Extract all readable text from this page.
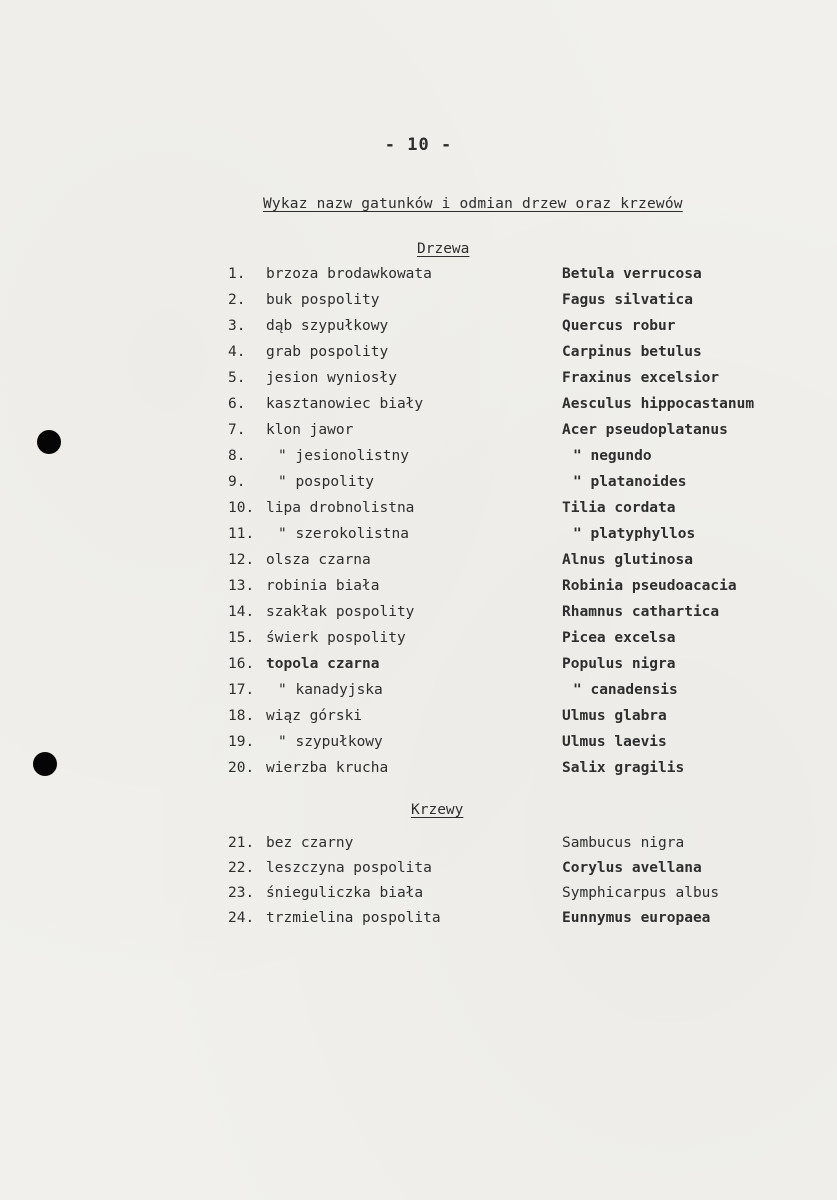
- 10 -
Wykaz nazw gatunków i odmian drzew oraz krzewów
Drzewa
1.	brzoza brodawkowata	Betula verrucosa
2.	buk pospolity	Fagus silvatica
3.	dąb szypułkowy	Quercus robur
4.	grab pospolity	Carpinus betulus
5.	jesion wyniosły	Fraxinus excelsior
6.	kasztanowiec biały	Aesculus hippocastanum
7.	klon jawor	Acer pseudoplatanus
8.	" jesionolistny	" negundo
9.	" pospolity	" platanoides
10. lipa drobnolistna	Tilia cordata
11.	" szerokolistna	" platyphyllos
12. olsza czarna	Alnus glutinosa
13. robinia biała	Robinia pseudoacacia
14. szakłak pospolity	Rhamnus cathartica
15. świerk pospolity	Picea excelsa
16. topola czarna	Populus nigra
17.	" kanadyjska	" canadensis
18. wiąz górski	Ulmus glabra
19.	" szypułkowy	Ulmus laevis
20. wierzba krucha	Salix gragilis
Krzewy
21. bez czarny	Sambucus nigra
22. leszczyna pospolita	Corylus avellana
23. śnieguliczka biała	Symphicarpus albus
24. trzmielina pospolita	Eunnymus europaea
